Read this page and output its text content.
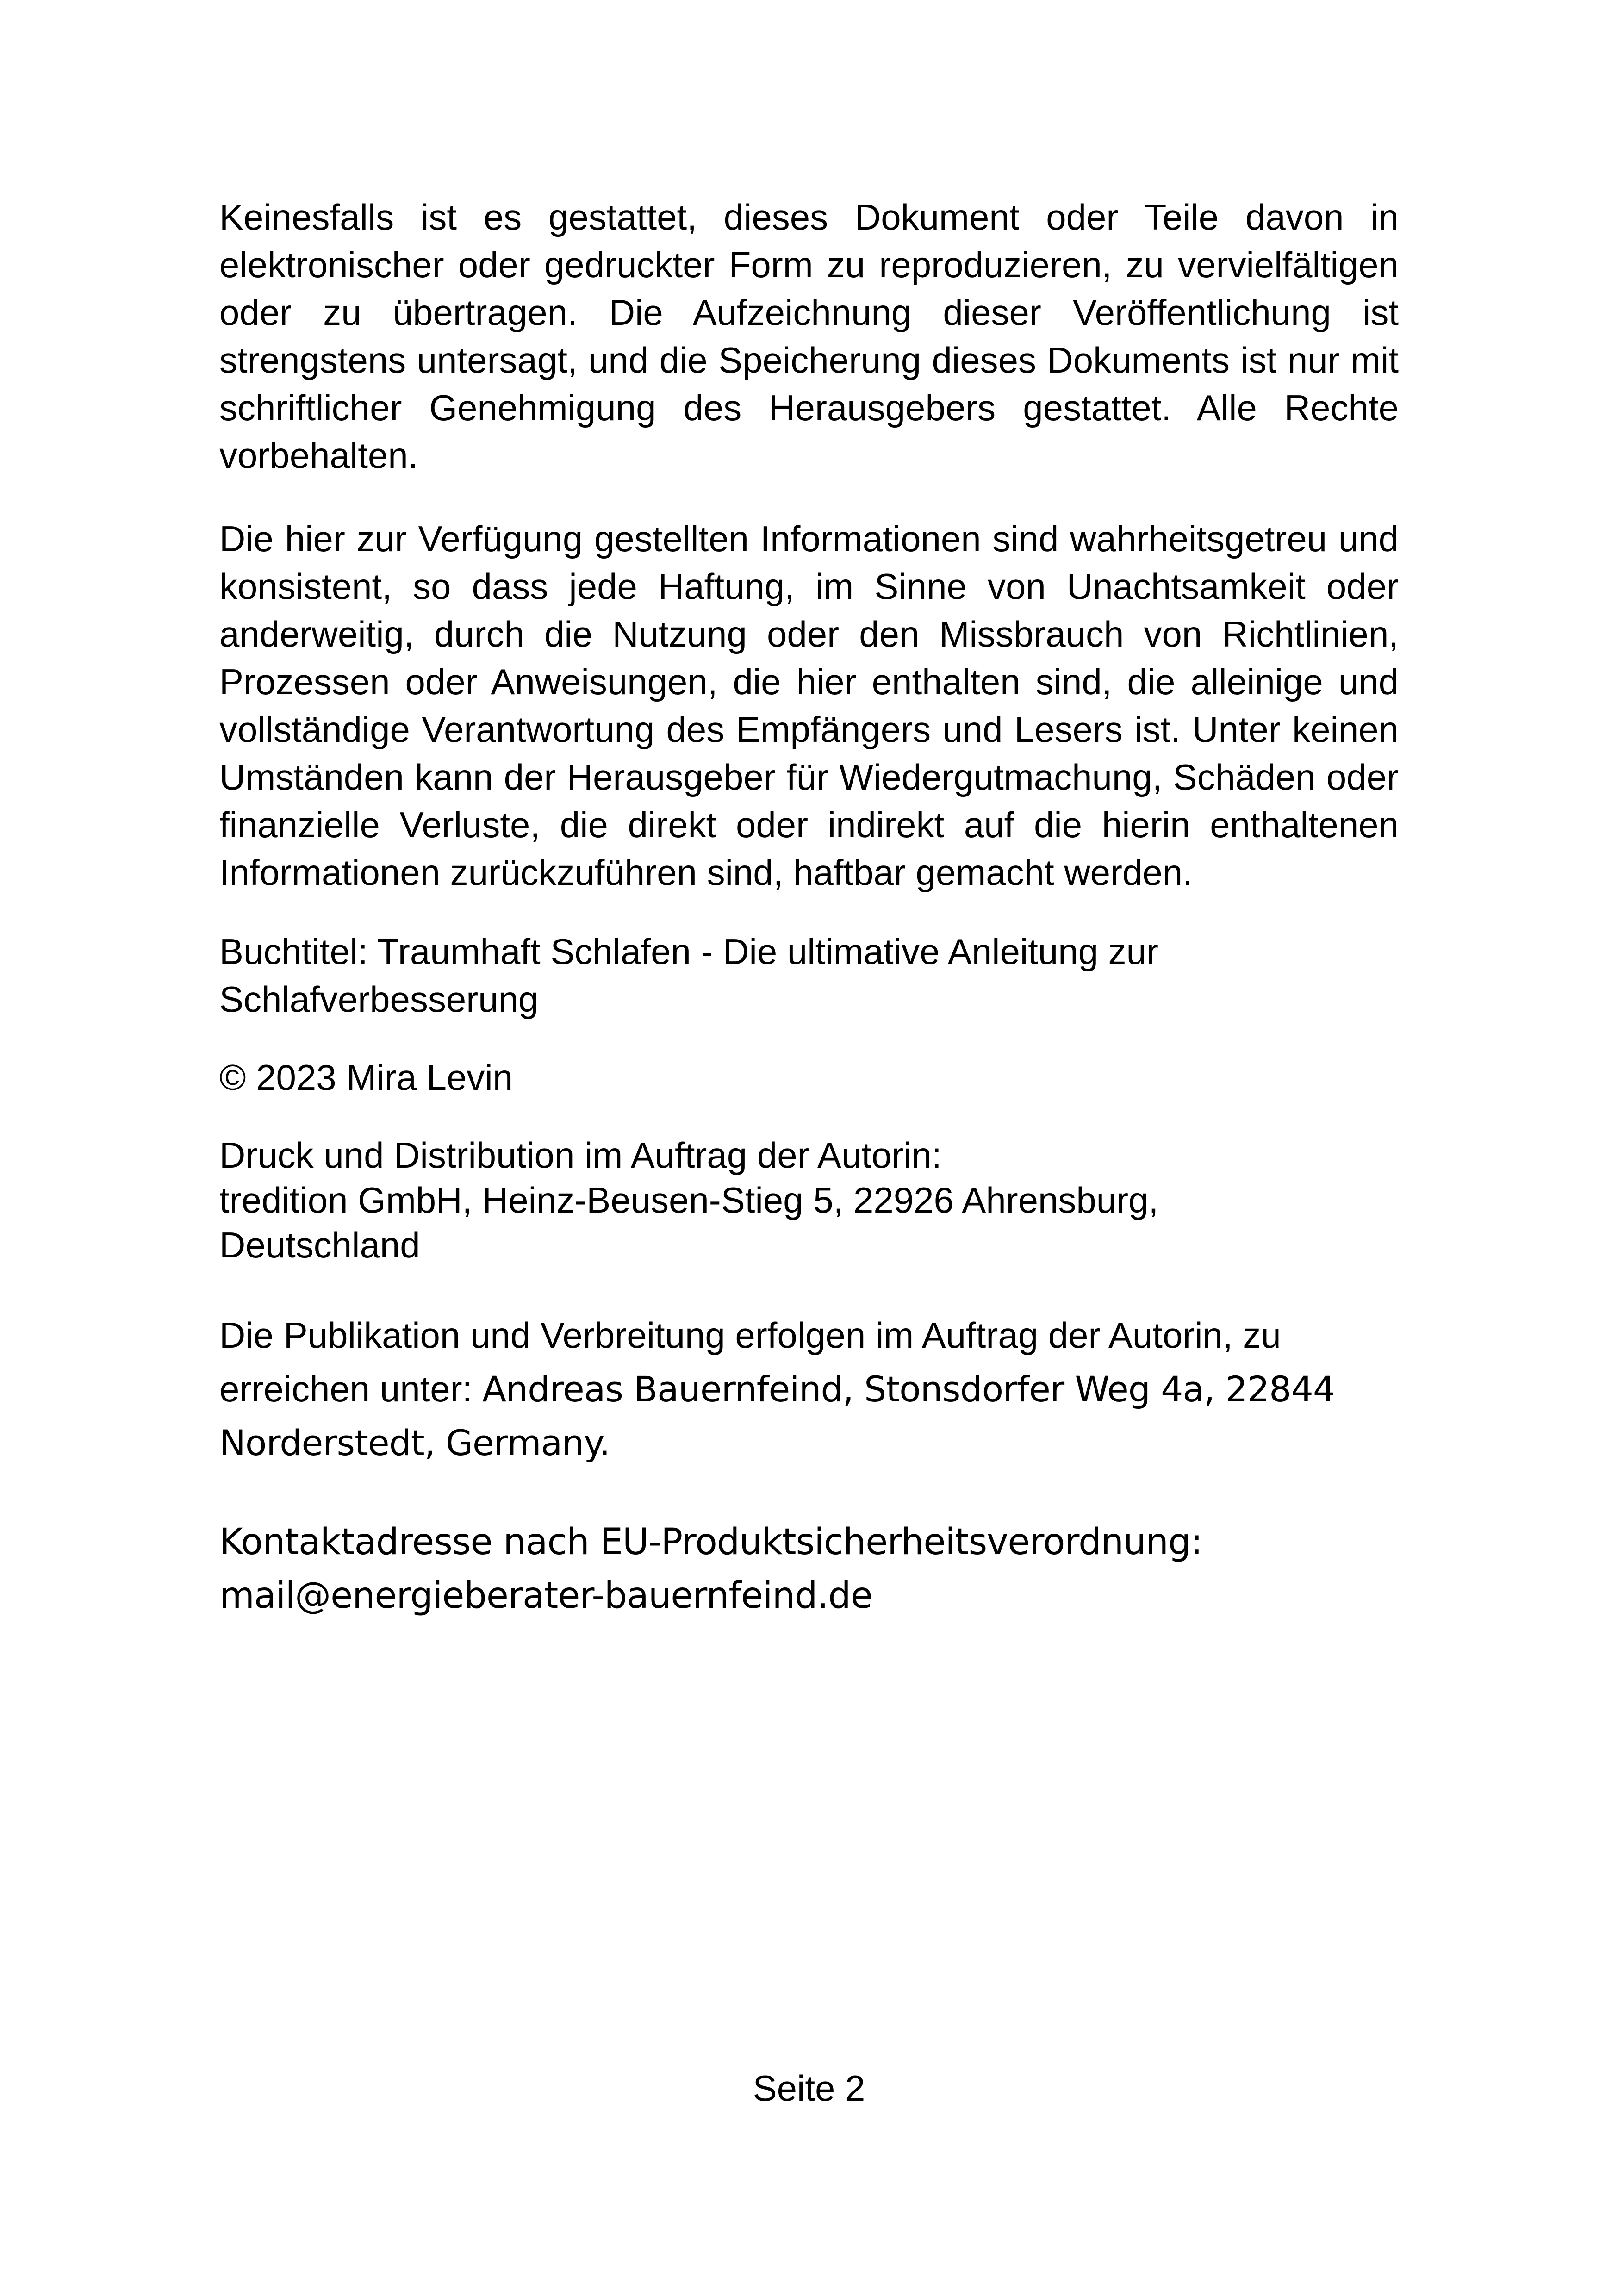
Keinesfalls ist es gestattet, dieses Dokument oder Teile davon in elektronischer oder gedruckter Form zu reproduzieren, zu vervielfältigen oder zu übertragen. Die Aufzeichnung dieser Veröffentlichung ist strengstens untersagt, und die Speicherung dieses Dokuments ist nur mit schriftlicher Genehmigung des Herausgebers gestattet. Alle Rechte vorbehalten.

Die hier zur Verfügung gestellten Informationen sind wahrheitsgetreu und konsistent, so dass jede Haftung, im Sinne von Unachtsamkeit oder anderweitig, durch die Nutzung oder den Missbrauch von Richtlinien, Prozessen oder Anweisungen, die hier enthalten sind, die alleinige und vollständige Verantwortung des Empfängers und Lesers ist. Unter keinen Umständen kann der Herausgeber für Wiedergutmachung, Schäden oder finanzielle Verluste, die direkt oder indirekt auf die hierin enthaltenen Informationen zurückzuführen sind, haftbar gemacht werden.

Buchtitel: Traumhaft Schlafen - Die ultimative Anleitung zur
Schlafverbesserung

© 2023 Mira Levin

Druck und Distribution im Auftrag der Autorin:
tredition GmbH, Heinz-Beusen-Stieg 5, 22926 Ahrensburg,
Deutschland

Die Publikation und Verbreitung erfolgen im Auftrag der Autorin, zu
erreichen unter: Andreas Bauernfeind, Stonsdorfer Weg 4a, 22844
Norderstedt, Germany.

Kontaktadresse nach EU-Produktsicherheitsverordnung:
mail@energieberater-bauernfeind.de

Seite 2
